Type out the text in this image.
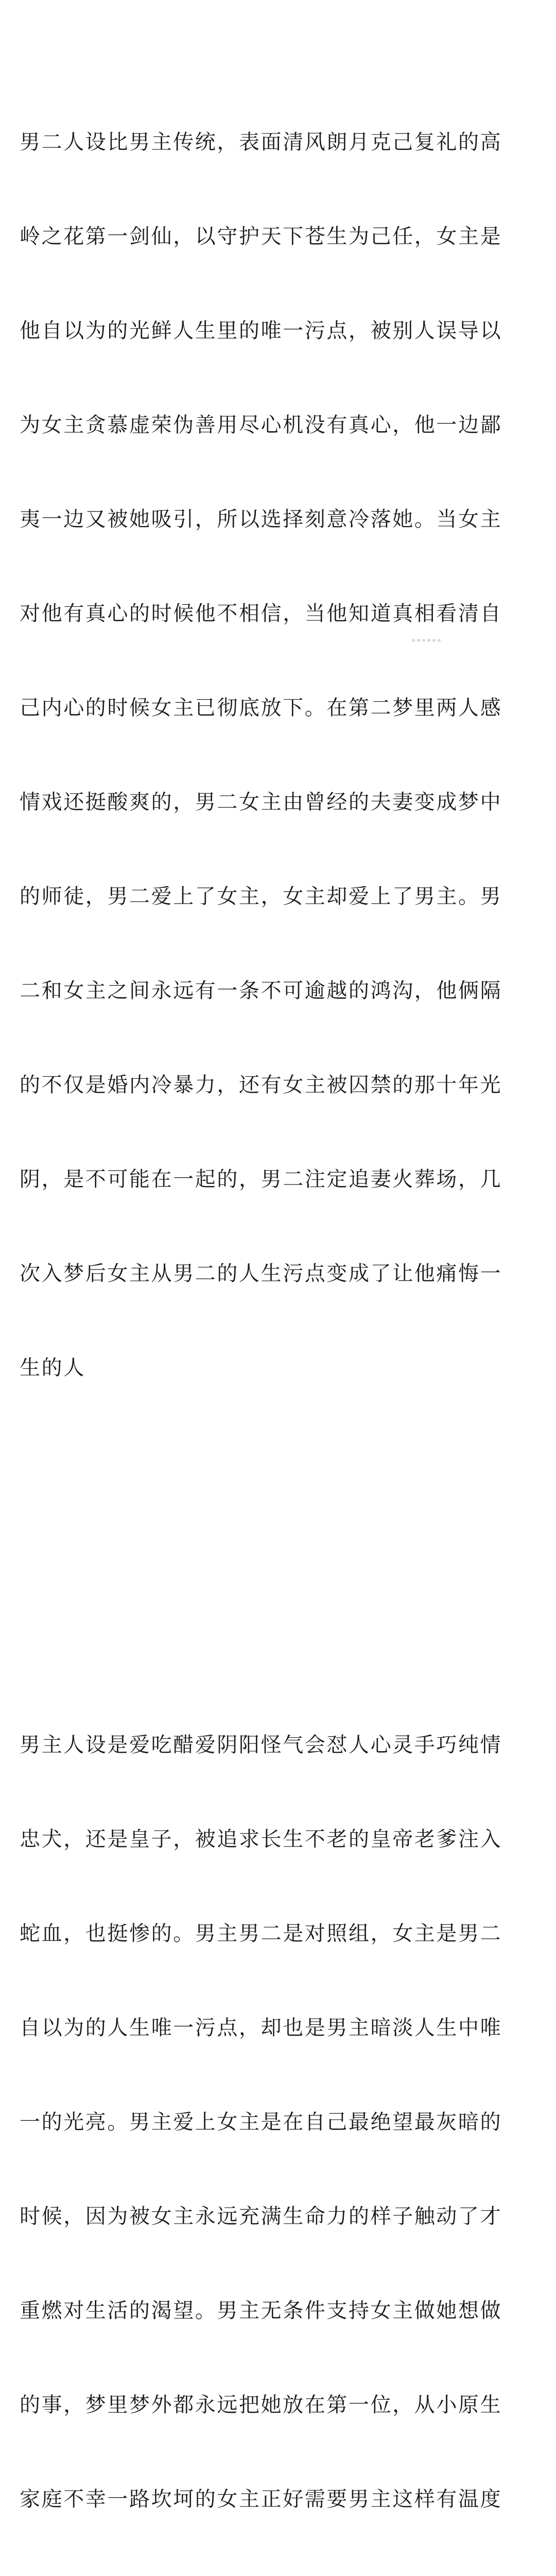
男二人设比男主传统，表面清风朗月克己复礼的高

岭之花第一剑仙，以守护天下苍生为己任，女主是

他自以为的光鲜人生里的唯一污点，被别人误导以

为女主贪慕虚荣伪善用尽心机没有真心，他一边鄙

夷一边又被她吸引，所以选择刻意冷落她。当女主

对他有真心的时候他不相信，当他知道真相看清自

己内心的时候女主已彻底放下。在第二梦里两人感

情戏还挺酸爽的，男二女主由曾经的夫妻变成梦中

的师徒，男二爱上了女主，女主却爱上了男主。男

二和女主之间永远有一条不可逾越的鸿沟，他俩隔

的不仅是婚内冷暴力，还有女主被囚禁的那十年光

阴，是不可能在一起的，男二注定追妻火葬场，几

次入梦后女主从男二的人生污点变成了让他痛悔一

生的人

男主人设是爱吃醋爱阴阳怪气会怼人心灵手巧纯情

忠犬，还是皇子，被追求长生不老的皇帝老爹注入

蛇血，也挺惨的。男主男二是对照组，女主是男二

自以为的人生唯一污点，却也是男主暗淡人生中唯

一的光亮。男主爱上女主是在自己最绝望最灰暗的

时候，因为被女主永远充满生命力的样子触动了才

重燃对生活的渴望。男主无条件支持女主做她想做

的事，梦里梦外都永远把她放在第一位，从小原生

家庭不幸一路坎坷的女主正好需要男主这样有温度
